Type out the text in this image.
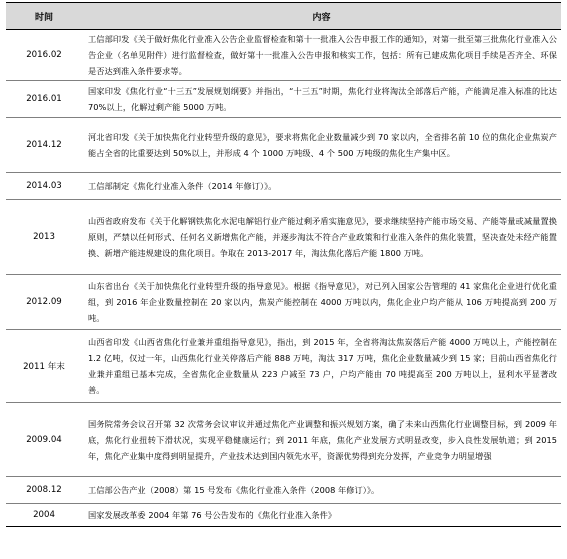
时间	内容
2016.02	工信部印发《关于做好焦化行业准入公告企业监督检查和第十一批准入公告申报工作的通知》，对第一批至第三批焦化行业准入公告企业（名单见附件）进行监督检查，做好第十一批准入公告申报和核实工作，包括：所有已建成焦化项目手续是否齐全、环保是否达到准入条件要求等。
2016.01	国家印发《焦化行业“十三五”发展规划纲要》并指出，“十三五”时期，焦化行业将淘汰全部落后产能，产能満足准入标准的比达 70%以上，化解过剩产能 5000 万吨。
2014.12	河北省印发《关于加快焦化行业转型升级的意见》，要求将焦化企业数量减少到 70 家以内，全省排名前 10 位的焦化企业焦炭产能占全省的比重要达到 50%以上，并形成 4 个 1000 万吨级、4 个 500 万吨级的焦化生产集中区。
2014.03	工信部制定《焦化行业准入条件（2014 年修订）》。
2013	山西省政府发布《关于化解钢铁焦化水泥电解铝行业产能过剩矛盾实施意见》，要求继续坚持产能市场交易、产能等量或减量置换原则，严禁以任何形式、任何名义新增焦化产能，并逐步淘汰不符合产业政策和行业准入条件的焦化装置，坚决查处未经产能置换、新增产能违规建设的焦化项目。争取在 2013-2017 年，淘汰焦化落后产能 1800 万吨。
2012.09	山东省出台《关于加快焦化行业转型升级的指导意见》。根据《指导意见》，对已列入国家公告管理的 41 家焦化企业进行优化重组，到 2016 年企业数量控制在 20 家以内，焦炭产能控制在 4000 万吨以内，焦化企业户均产能从 106 万吨提高到 200 万吨。
2011 年末	山西省印发《山西省焦化行业兼并重组指导意见》，指出，到 2015 年，全省将淘汰焦炭落后产能 4000 万吨以上，产能控制在 1.2 亿吨，仅过一年，山西焦化行业关停落后产能 888 万吨，淘汰 317 万吨，焦化企业数量减少到 15 家；目前山西省焦化行业兼并重组已基本完成，全省焦化企业数量从 223 户减至 73 户，户均产能由 70 吨提高至 200 万吨以上，显利水平显著改善。
2009.04	国务院常务会议召开第 32 次常务会议审议并通过焦化产业调整和振兴规划方案，确了未来山西焦化行业调整目标，到 2009 年底，焦化行业扭转下滑状况，实现平稳健康运行；到 2011 年底，焦化产业发展方式明显改变，步入良性发展轨道；到 2015 年，焦化产业集中度得到明显提升，产业技术达到国内领先水平，资源优势得到充分发挥，产业竞争力明显增强
2008.12	工信部公告产业（2008）第 15 号发布《焦化行业准入条件（2008 年修订）》。
2004	国家发展改革委 2004 年第 76 号公告发布的《焦化行业准入条件》
